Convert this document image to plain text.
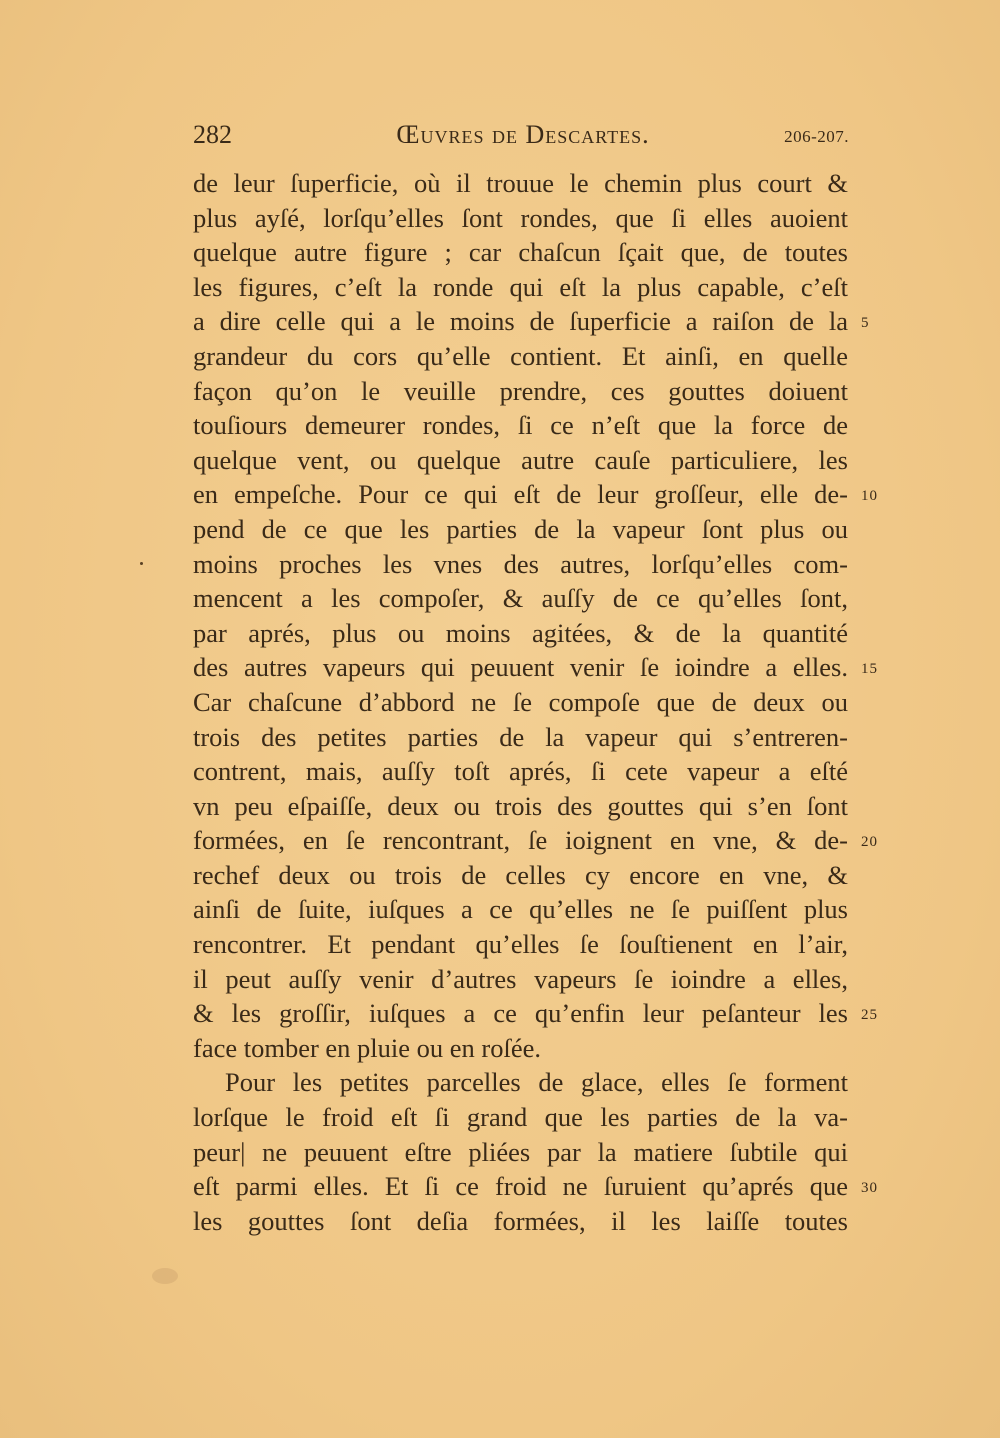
282	Œuvres de Descartes.	206-207.
de leur ſuperficie, où il trouue le chemin plus court &
plus ayſé, lorſqu’elles ſont rondes, que ſi elles auoient
quelque autre figure ; car chaſcun ſçait que, de toutes
les figures, c’eſt la ronde qui eſt la plus capable, c’eſt
a dire celle qui a le moins de ſuperficie a raiſon de la 5
grandeur du cors qu’elle contient. Et ainſi, en quelle
façon qu’on le veuille prendre, ces gouttes doiuent
touſiours demeurer rondes, ſi ce n’eſt que la force de
quelque vent, ou quelque autre cauſe particuliere, les
en empeſche. Pour ce qui eſt de leur groſſeur, elle de- 10
pend de ce que les parties de la vapeur ſont plus ou
moins proches les vnes des autres, lorſqu’elles com-
mencent a les compoſer, & auſſy de ce qu’elles ſont,
par aprés, plus ou moins agitées, & de la quantité
des autres vapeurs qui peuuent venir ſe ioindre a elles. 15
Car chaſcune d’abbord ne ſe compoſe que de deux ou
trois des petites parties de la vapeur qui s’entreren-
contrent, mais, auſſy toſt aprés, ſi cete vapeur a eſté
vn peu eſpaiſſe, deux ou trois des gouttes qui s’en ſont
formées, en ſe rencontrant, ſe ioignent en vne, & de- 20
rechef deux ou trois de celles cy encore en vne, &
ainſi de ſuite, iuſques a ce qu’elles ne ſe puiſſent plus
rencontrer. Et pendant qu’elles ſe ſouſtienent en l’air,
il peut auſſy venir d’autres vapeurs ſe ioindre a elles,
& les groſſir, iuſques a ce qu’enfin leur peſanteur les 25
face tomber en pluie ou en roſée.
Pour les petites parcelles de glace, elles ſe forment
lorſque le froid eſt ſi grand que les parties de la va-
peur| ne peuuent eſtre pliées par la matiere ſubtile qui
eſt parmi elles. Et ſi ce froid ne ſuruient qu’aprés que 30
les gouttes ſont deſia formées, il les laiſſe toutes
